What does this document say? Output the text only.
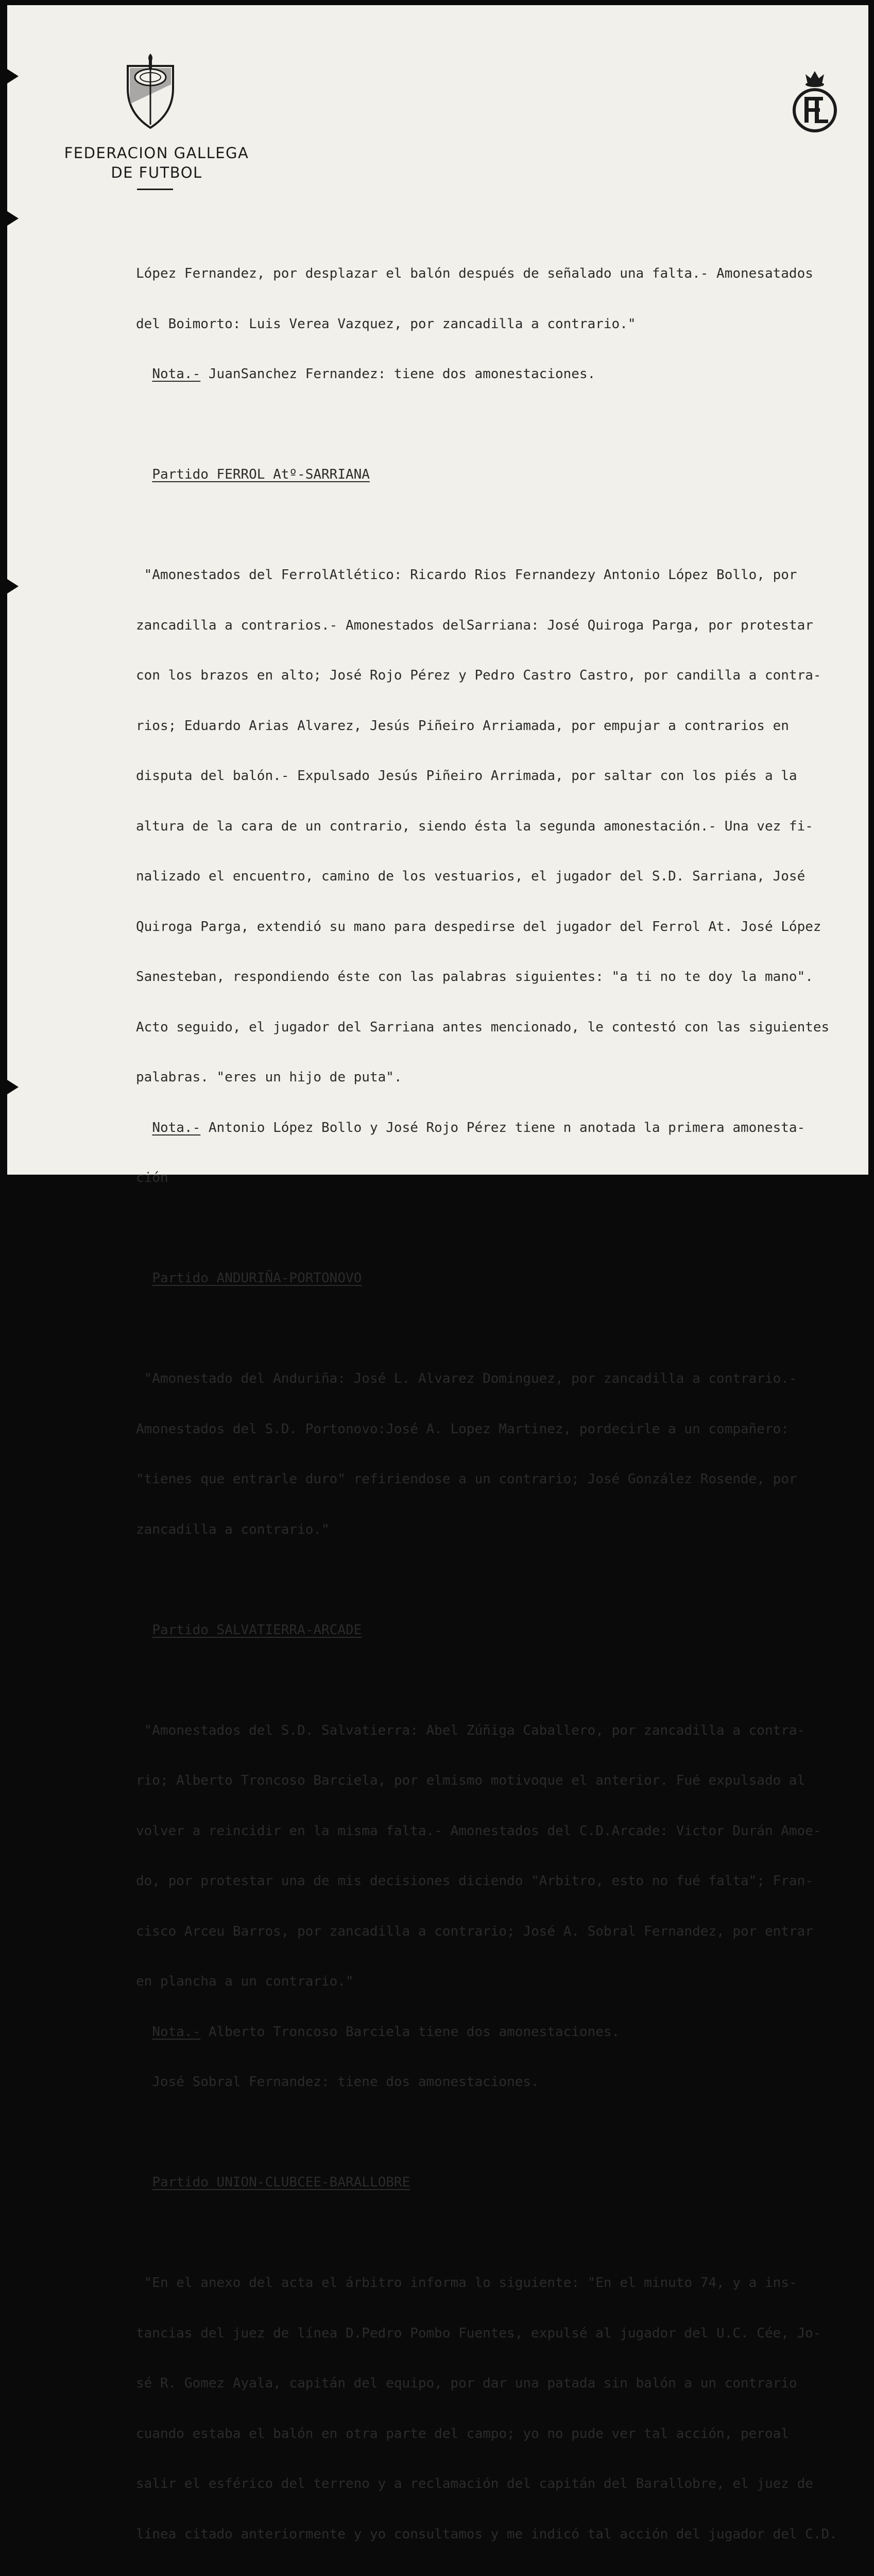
FEDERACION GALLEGA
DE FUTBOL

López Fernandez, por desplazar el balón después de señalado una falta.- Amonesatados

del Boimorto: Luis Verea Vazquez, por zancadilla a contrario."

Nota.- JuanSanchez Fernandez: tiene dos amonestaciones.

Partido FERROL Atº-SARRIANA

"Amonestados del FerrolAtlético: Ricardo Rios Fernandezy Antonio López Bollo, por

zancadilla a contrarios.- Amonestados delSarriana: José Quiroga Parga, por protestar

con los brazos en alto; José Rojo Pérez y Pedro Castro Castro, por candilla a contra-

rios; Eduardo Arias Alvarez, Jesús Piñeiro Arriamada, por empujar a contrarios en

disputa del balón.- Expulsado Jesús Piñeiro Arrimada, por saltar con los piés a la

altura de la cara de un contrario, siendo ésta la segunda amonestación.- Una vez fi-

nalizado el encuentro, camino de los vestuarios, el jugador del S.D. Sarriana, José

Quiroga Parga, extendió su mano para despedirse del jugador del Ferrol At. José López

Sanesteban, respondiendo éste con las palabras siguientes: "a ti no te doy la mano".

Acto seguido, el jugador del Sarriana antes mencionado, le contestó con las siguientes

palabras. "eres un hijo de puta".

Nota.- Antonio López Bollo y José Rojo Pérez tiene n anotada la primera amonesta-

ción

Partido ANDURIÑA-PORTONOVO

"Amonestado del Anduriña: José L. Alvarez Dominguez, por zancadilla a contrario.-

Amonestados del S.D. Portonovo:José A. Lopez Martinez, pordecirle a un compañero:

"tienes que entrarle duro" refiriendose a un contrario; José González Rosende, por

zancadilla a contrario."

Partido SALVATIERRA-ARCADE

"Amonestados del S.D. Salvatierra: Abel Zúñiga Caballero, por zancadilla a contra-

rio; Alberto Troncoso Barciela, por elmismo motivoque el anterior. Fué expulsado al

volver a reincidir en la misma falta.- Amonestados del C.D.Arcade: Victor Durán Amoe-

do, por protestar una de mis decisiones diciendo "Arbitro, esto no fué falta"; Fran-

cisco Arceu Barros, por zancadilla a contrario; José A. Sobral Fernandez, por entrar

en plancha a un contrario."

Nota.- Alberto Troncoso Barciela tiene dos amonestaciones.

José Sobral Fernandez: tiene dos amonestaciones.

Partido UNION-CLUBCEE-BARALLOBRE

"En el anexo del acta el árbitro informa lo siguiente: "En el minuto 74, y a ins-

tancias del juez de línea D.Pedro Pombo Fuentes, expulsé al jugador del U.C. Cée, Jo-

sé R. Gomez Ayala, capitán del equipo, por dar una patada sin balón a un contrario

cuando estaba el balón en otra parte del campo; yo no pude ver tal acción, peroal

salir el esférico del terreno y a reclamación del capitán del Barallobre, el juez de

línea citado anteriormente y yo consultamos y me indicó tal acción del jugador del C.D.
